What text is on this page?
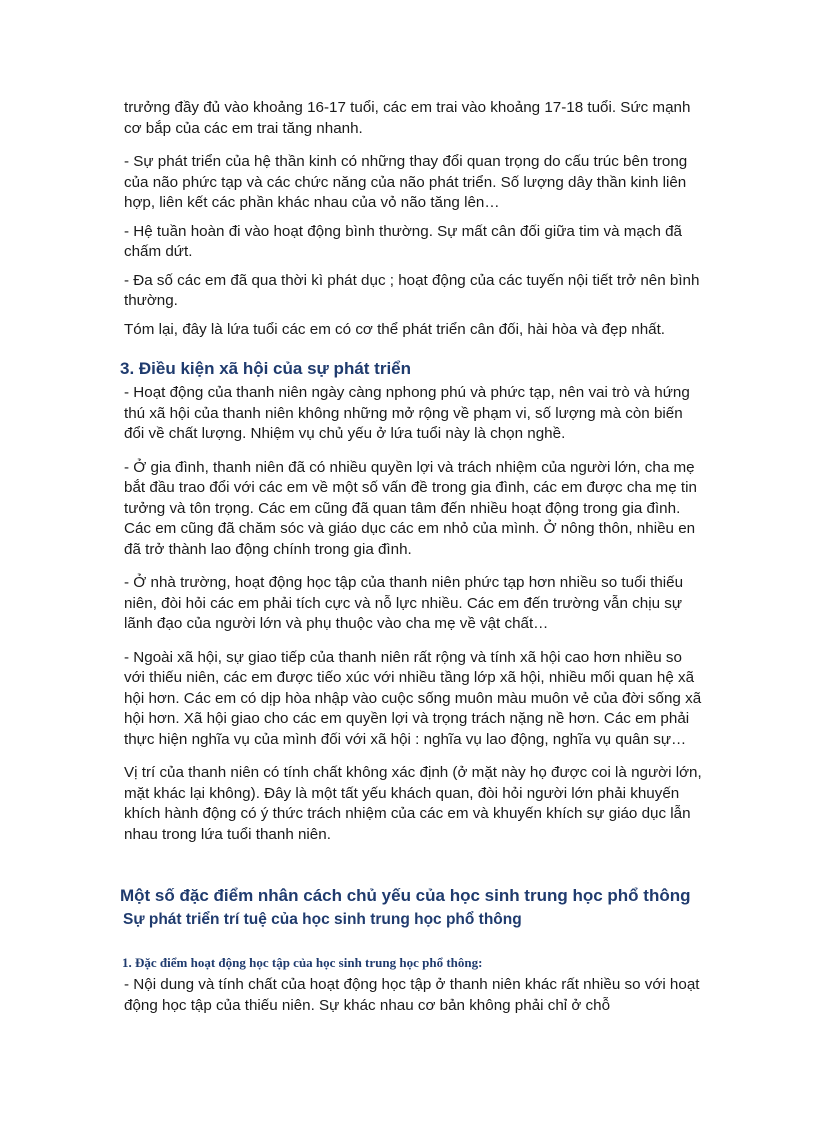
trưởng đầy đủ vào khoảng 16-17 tuổi, các em trai vào khoảng 17-18 tuổi. Sức mạnh cơ bắp của các em trai tăng nhanh.

- Sự phát triển của hệ thần kinh có những thay đổi quan trọng do cấu trúc bên trong của não phức tạp và các chức năng của não phát triển. Số lượng dây thần kinh liên hợp, liên kết các phần khác nhau của vỏ não tăng lên…

- Hệ tuần hoàn đi vào hoạt động bình thường. Sự mất cân đối giữa tim và mạch đã chấm dứt.

- Đa số các em đã qua thời kì phát dục ; hoạt động của các tuyến nội tiết trở nên bình thường.

Tóm lại, đây là lứa tuổi các em có cơ thể phát triển cân đối, hài hòa và đẹp nhất.

3. Điều kiện xã hội của sự phát triển

- Hoạt động của thanh niên ngày càng nphong phú và phức tạp, nên vai trò và hứng thú xã hội của thanh niên không những mở rộng về phạm vi, số lượng mà còn biến đổi về chất lượng. Nhiệm vụ chủ yếu ở lứa tuổi này là chọn nghề.

- Ở gia đình, thanh niên đã có nhiều quyền lợi và trách nhiệm của người lớn, cha mẹ bắt đầu trao đổi với các em về một số vấn đề trong gia đình, các em được cha mẹ tin tưởng và tôn trọng. Các em cũng đã quan tâm đến nhiều hoạt động trong gia đình. Các em cũng đã chăm sóc và giáo dục các em nhỏ của mình. Ở nông thôn, nhiều en đã trở thành lao động chính trong gia đình.

- Ở nhà trường, hoạt động học tập của thanh niên phức tạp hơn nhiều so tuổi thiếu niên, đòi hỏi các em phải tích cực và nỗ lực nhiều. Các em đến trường vẫn chịu sự lãnh đạo của người lớn và phụ thuộc vào cha mẹ về vật chất…

- Ngoài xã hội, sự giao tiếp của thanh niên rất rộng và tính xã hội cao hơn nhiều so với thiếu niên, các em được tiếo xúc với nhiều tầng lớp xã hội, nhiều mối quan hệ xã hội hơn. Các em có dịp hòa nhập vào cuộc sống muôn màu muôn vẻ của đời sống xã hội hơn. Xã hội giao cho các em quyền lợi và trọng trách nặng nề hơn. Các em phải thực hiện nghĩa vụ của mình đối với xã hội : nghĩa vụ lao động, nghĩa vụ quân sự…

Vị trí của thanh niên có tính chất không xác định (ở mặt này họ được coi là người lớn, mặt khác lại không). Đây là một tất yếu khách quan, đòi hỏi người lớn phải khuyến khích hành động có ý thức trách nhiệm của các em và khuyến khích sự giáo dục lẫn nhau trong lứa tuổi thanh niên.

Một số đặc điểm nhân cách chủ yếu của học sinh trung học phổ thông
Sự phát triển trí tuệ của học sinh trung học phổ thông
1. Đặc điểm hoạt động học tập của học sinh trung học phổ thông:

- Nội dung và tính chất của hoạt động học tập ở thanh niên khác rất nhiều so với hoạt động học tập của thiếu niên. Sự khác nhau cơ bản không phải chỉ ở chỗ
